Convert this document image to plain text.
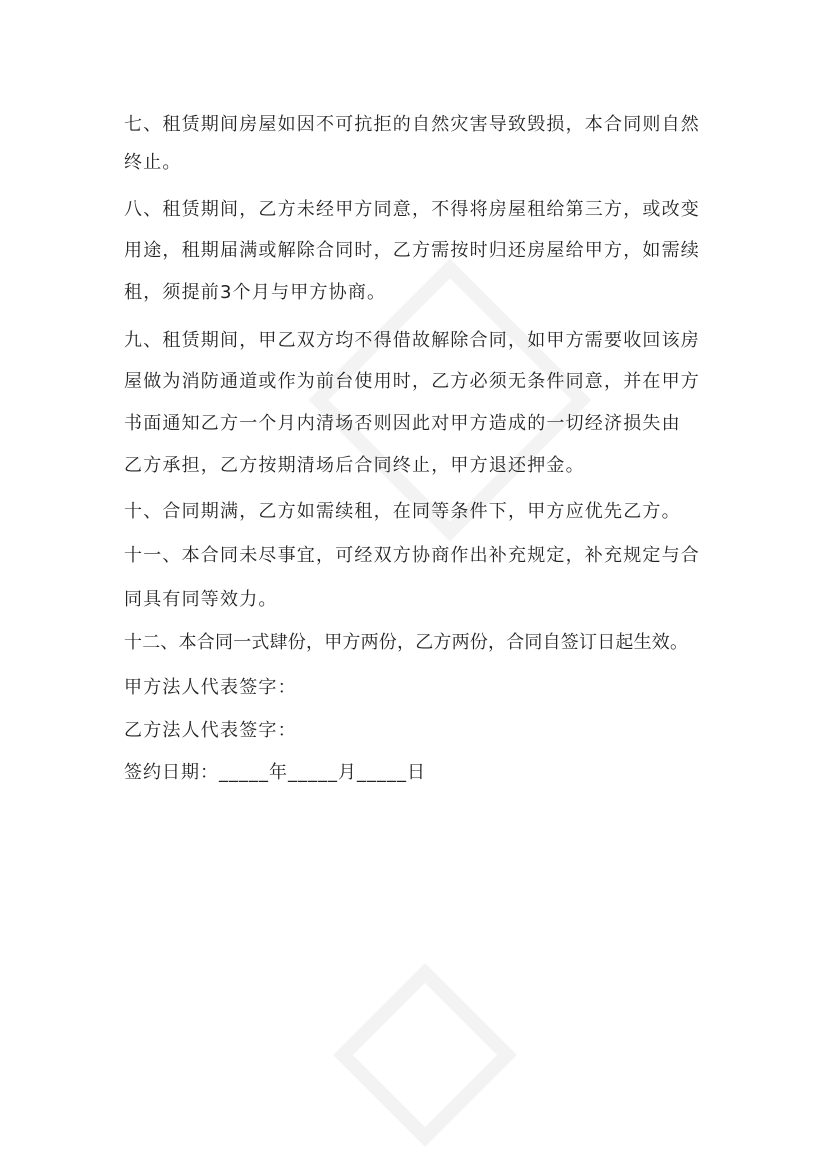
七、租赁期间房屋如因不可抗拒的自然灾害导致毁损，本合同则自然
终止。
八、租赁期间，乙方未经甲方同意，不得将房屋租给第三方，或改变
用途，租期届满或解除合同时，乙方需按时归还房屋给甲方，如需续
租，须提前3个月与甲方协商。
九、租赁期间，甲乙双方均不得借故解除合同，如甲方需要收回该房
屋做为消防通道或作为前台使用时，乙方必须无条件同意，并在甲方
书面通知乙方一个月内清场否则因此对甲方造成的一切经济损失由
乙方承担，乙方按期清场后合同终止，甲方退还押金。
十、合同期满，乙方如需续租，在同等条件下，甲方应优先乙方。
十一、本合同未尽事宜，可经双方协商作出补充规定，补充规定与合
同具有同等效力。
十二、本合同一式肆份，甲方两份，乙方两份，合同自签订日起生效。
甲方法人代表签字：
乙方法人代表签字：
签约日期：_____年_____月_____日
